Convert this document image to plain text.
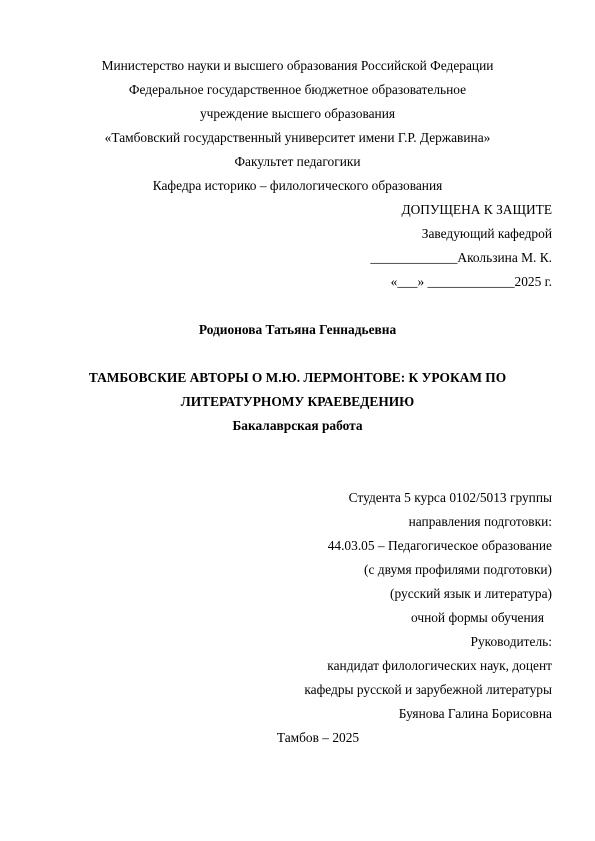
Министерство науки и высшего образования Российской Федерации
Федеральное государственное бюджетное образовательное
учреждение высшего образования
«Тамбовский государственный университет имени Г.Р. Державина»
Факультет педагогики
Кафедра историко – филологического образования
ДОПУЩЕНА К ЗАЩИТЕ
Заведующий кафедрой
_____________Акользина М. К.
«___» _____________2025 г.
Родионова Татьяна Геннадьевна
ТАМБОВСКИЕ АВТОРЫ О М.Ю. ЛЕРМОНТОВЕ: К УРОКАМ ПО
ЛИТЕРАТУРНОМУ КРАЕВЕДЕНИЮ
Бакалаврская работа
Студента 5 курса 0102/5013 группы
направления подготовки:
44.03.05 – Педагогическое образование
(с двумя профилями подготовки)
(русский язык и литература)
очной формы обучения
Руководитель:
кандидат филологических наук, доцент
кафедры русской и зарубежной литературы
Буянова Галина Борисовна
Тамбов – 2025
